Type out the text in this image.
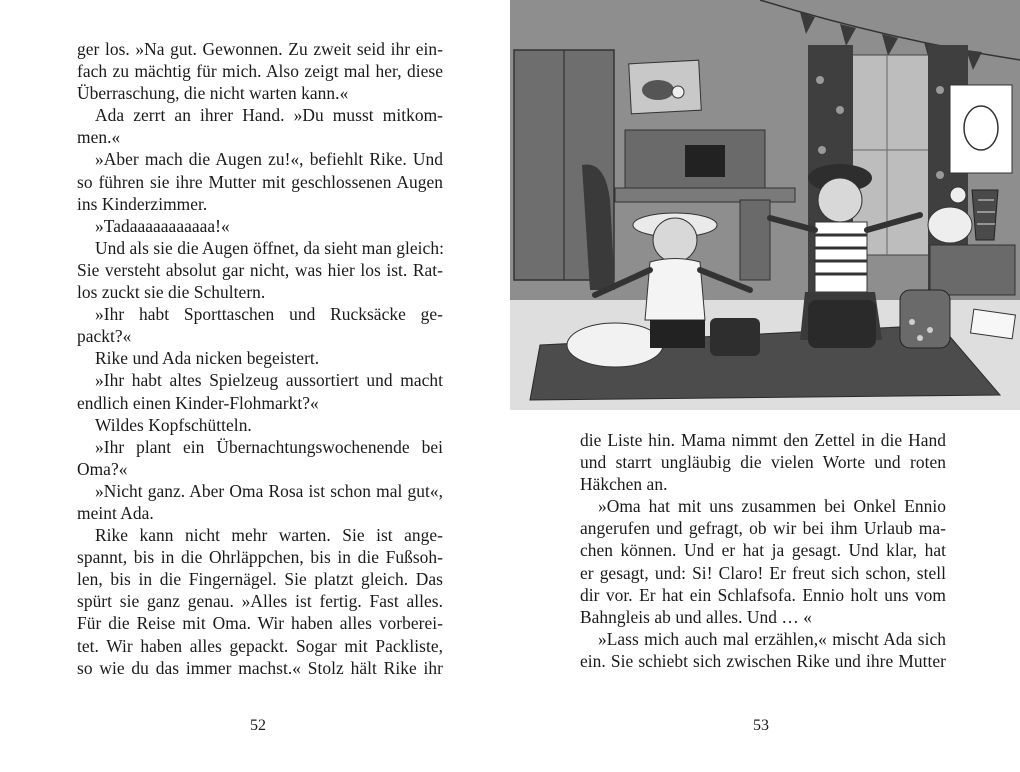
ger los. »Na gut. Gewonnen. Zu zweit seid ihr ein-
fach zu mächtig für mich. Also zeigt mal her, diese
Überraschung, die nicht warten kann.«
Ada zerrt an ihrer Hand. »Du musst mitkom-
men.«
»Aber mach die Augen zu!«, befiehlt Rike. Und
so führen sie ihre Mutter mit geschlossenen Augen
ins Kinderzimmer.
»Tadaaaaaaaaaaa!«
Und als sie die Augen öffnet, da sieht man gleich:
Sie versteht absolut gar nicht, was hier los ist. Rat-
los zuckt sie die Schultern.
»Ihr habt Sporttaschen und Rucksäcke ge-
packt?«
Rike und Ada nicken begeistert.
»Ihr habt altes Spielzeug aussortiert und macht
endlich einen Kinder-Flohmarkt?«
Wildes Kopfschütteln.
»Ihr plant ein Übernachtungswochenende bei
Oma?«
»Nicht ganz. Aber Oma Rosa ist schon mal gut«,
meint Ada.
Rike kann nicht mehr warten. Sie ist ange-
spannt, bis in die Ohrläppchen, bis in die Fußsoh-
len, bis in die Fingernägel. Sie platzt gleich. Das
spürt sie ganz genau. »Alles ist fertig. Fast alles.
Für die Reise mit Oma. Wir haben alles vorberei-
tet. Wir haben alles gepackt. Sogar mit Packliste,
so wie du das immer machst.« Stolz hält Rike ihr
52
die Liste hin. Mama nimmt den Zettel in die Hand
und starrt ungläubig die vielen Worte und roten
Häkchen an.
»Oma hat mit uns zusammen bei Onkel Ennio
angerufen und gefragt, ob wir bei ihm Urlaub ma-
chen können. Und er hat ja gesagt. Und klar, hat
er gesagt, und: Si! Claro! Er freut sich schon, stell
dir vor. Er hat ein Schlafsofa. Ennio holt uns vom
Bahngleis ab und alles. Und … «
»Lass mich auch mal erzählen,« mischt Ada sich
ein. Sie schiebt sich zwischen Rike und ihre Mutter
53
